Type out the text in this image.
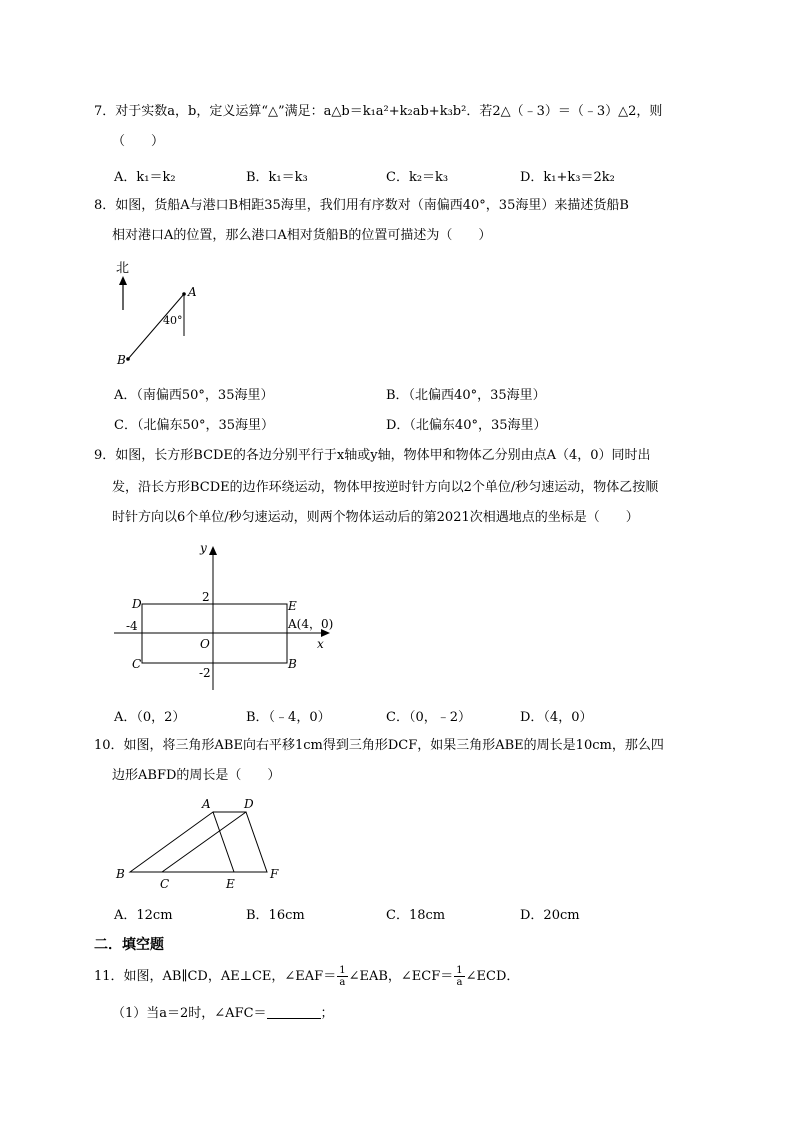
7．对于实数a，b，定义运算“△”满足：a△b＝k₁a²+k₂ab+k₃b²．若2△（﹣3）＝（﹣3）△2，则
（　　）
A．k₁＝k₂	B．k₁＝k₃	C．k₂＝k₃	D．k₁+k₃＝2k₂
8．如图，货船A与港口B相距35海里，我们用有序数对（南偏西40°，35海里）来描述货船B
相对港口A的位置，那么港口A相对货船B的位置可描述为（　　）
北
A
B
40°
A．（南偏西50°，35海里）	B．（北偏西40°，35海里）
C．（北偏东50°，35海里）	D．（北偏东40°，35海里）
9．如图，长方形BCDE的各边分别平行于x轴或y轴，物体甲和物体乙分别由点A（4，0）同时出
发，沿长方形BCDE的边作环绕运动，物体甲按逆时针方向以2个单位/秒匀速运动，物体乙按顺
时针方向以6个单位/秒匀速运动，则两个物体运动后的第2021次相遇地点的坐标是（　　）
y
x
O
D	E
C	B
A(4，0)
2
-2
-4
A．（0，2）	B．（﹣4，0）	C．（0，﹣2）	D．（4，0）
10．如图，将三角形ABE向右平移1cm得到三角形DCF，如果三角形ABE的周长是10cm，那么四
边形ABFD的周长是（　　）
A	D
B
C	E
F
A．12cm	B．16cm	C．18cm	D．20cm
二．填空题
11．如图，AB∥CD，AE⊥CE，∠EAF＝ $\frac{1}{a}$ ∠EAB，∠ECF＝ $\frac{1}{a}$ ∠ECD．
（1）当a＝2时，∠AFC＝	；
